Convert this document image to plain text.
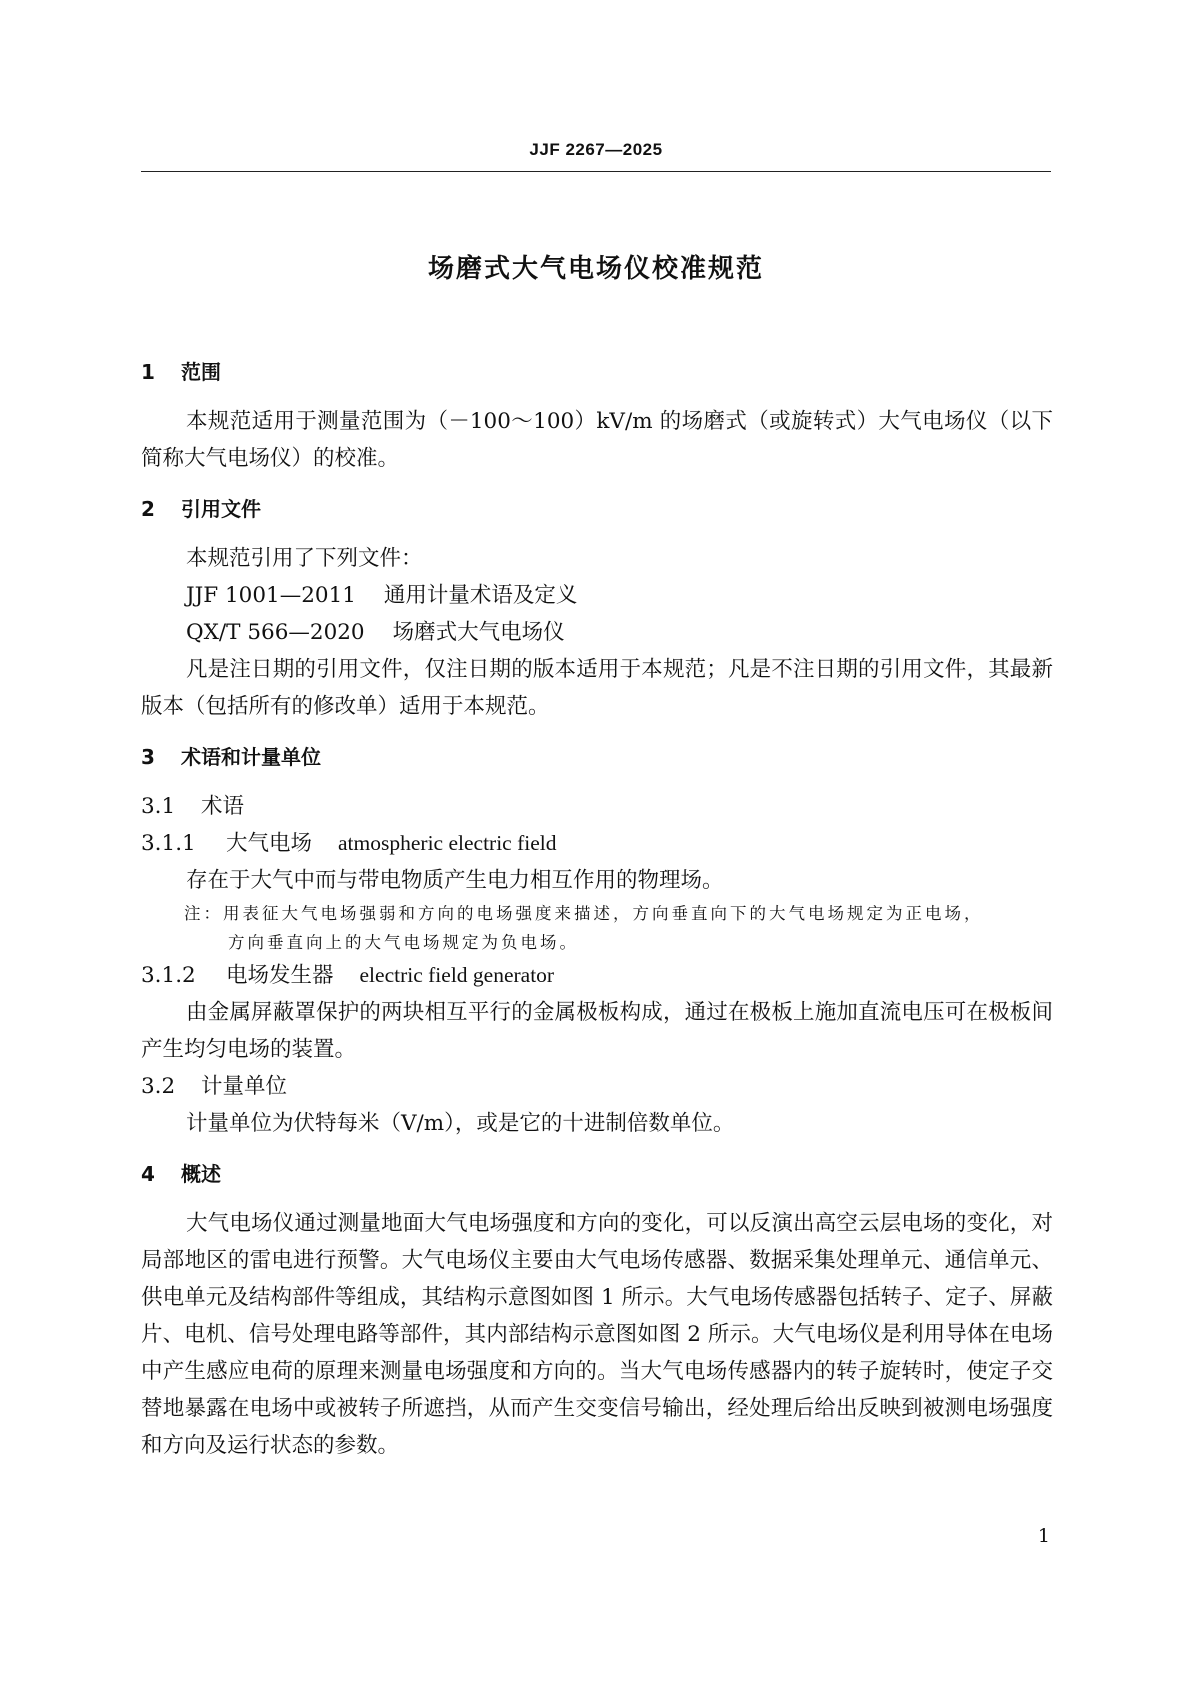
JJF 2267—2025
场磨式大气电场仪校准规范
1	范围

本规范适用于测量范围为（－100～100）kV/m 的场磨式（或旋转式）大气电场仪（以下简称大气电场仪）的校准。

2	引用文件

本规范引用了下列文件：

JJF 1001—2011 通用计量术语及定义

QX/T 566—2020 场磨式大气电场仪

凡是注日期的引用文件，仅注日期的版本适用于本规范；凡是不注日期的引用文件，其最新版本（包括所有的修改单）适用于本规范。

3	术语和计量单位

3.1 术语

3.1.1 大气电场 atmospheric electric field

存在于大气中而与带电物质产生电力相互作用的物理场。

注：用表征大气电场强弱和方向的电场强度来描述，方向垂直向下的大气电场规定为正电场，

方向垂直向上的大气电场规定为负电场。

3.1.2 电场发生器 electric field generator

由金属屏蔽罩保护的两块相互平行的金属极板构成，通过在极板上施加直流电压可在极板间产生均匀电场的装置。

3.2 计量单位

计量单位为伏特每米（V/m），或是它的十进制倍数单位。

4	概述

大气电场仪通过测量地面大气电场强度和方向的变化，可以反演出高空云层电场的变化，对局部地区的雷电进行预警。大气电场仪主要由大气电场传感器、数据采集处理单元、通信单元、供电单元及结构部件等组成，其结构示意图如图 1 所示。大气电场传感器包括转子、定子、屏蔽片、电机、信号处理电路等部件，其内部结构示意图如图 2 所示。大气电场仪是利用导体在电场中产生感应电荷的原理来测量电场强度和方向的。当大气电场传感器内的转子旋转时，使定子交替地暴露在电场中或被转子所遮挡，从而产生交变信号输出，经处理后给出反映到被测电场强度和方向及运行状态的参数。

1
